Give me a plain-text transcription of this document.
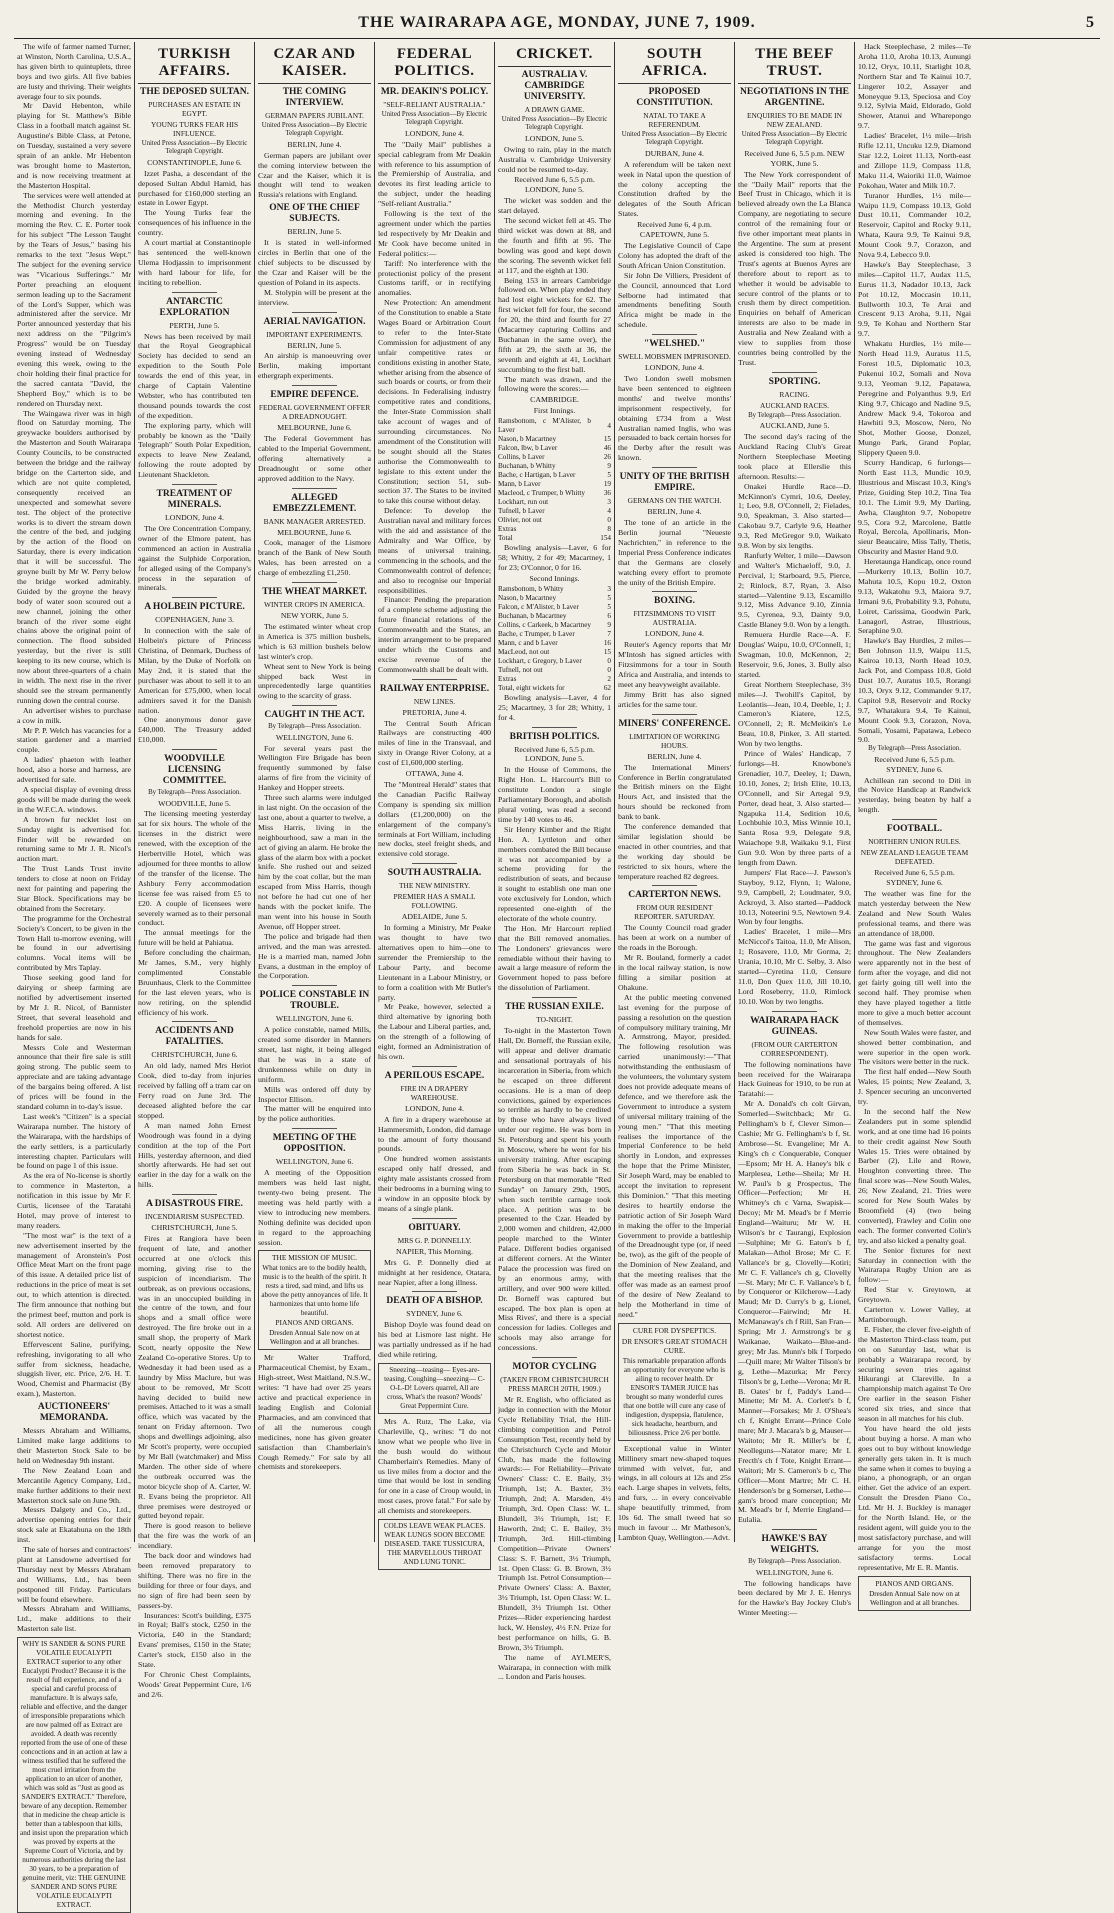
THE WAIRARAPA AGE, MONDAY, JUNE 7, 1909.	5

The wife of farmer named Turner, at Winston, North Carolina, U.S.A., has given birth to quintuplets, three boys and two girls. All five babies are lusty and thriving. Their weights average four to six pounds.

Mr David Hebenton, while playing for St. Matthew's Bible Class in a football match against St. Augustine's Bible Class, at Petone, on Tuesday, sustained a very severe sprain of an ankle. Mr Hebenton was brought home to Masterton, and is now receiving treatment at the Masterton Hospital.

The services were well attended at the Methodist Church yesterday morning and evening. In the morning the Rev. C. E. Porter took for his subject "The Lesson Taught by the Tears of Jesus," basing his remarks to the text "Jesus Wept." The subject for the evening service was "Vicarious Sufferings." Mr Porter preaching an eloquent sermon leading up to the Sacrament of the Lord's Supper, which was administered after the service. Mr Porter announced yesterday that his next address on the "Pilgrim's Progress" would be on Tuesday evening instead of Wednesday evening this week, owing to the choir holding their final practice for the sacred cantata "David, the Shepherd Boy," which is to be rendered on Thursday next.

The Waingawa river was in high flood on Saturday morning. The greywacke boulders authorised by the Masterton and South Wairarapa County Councils, to be constructed between the bridge and the railway bridge on the Carterton side, and which are not quite completed, consequently received an unexpected and somewhat severe test. The object of the protective works is to divert the stream down the centre of the bed, and judging by the action of the flood on Saturday, there is every indication that it will be successful. The groyne built by Mr W. Perry below the bridge worked admirably. Guided by the groyne the heavy body of water soon scoured out a new channel, joining the other branch of the river some eight chains above the original point of connection. The flood subsided yesterday, but the river is still keeping to its new course, which is now about three-quarters of a chain in width. The next rise in the river should see the stream permanently running down the central course.

An advertiser wishes to purchase a cow in milk.

Mr P. P. Welch has vacancies for a station gardener and a married couple.

A ladies' phaeton with leather hood, also a horse and harness, are advertised for sale.

A special display of evening dress goods will be made during the week in the W.F.C.A. windows.

A brown fur necklet lost on Sunday night is advertised for. Finder will be rewarded on returning same to Mr J. R. Nicol's auction mart.

The Trust Lands Trust invite tenders to close at noon on Friday next for painting and papering the Star Block. Specifications may be obtained from the Secretary.

The programme for the Orchestral Society's Concert, to be given in the Town Hall to-morrow evening, will be found in our advertising columns. Vocal items will be contributed by Mrs Taplay.

Those seeking good land for dairying or sheep farming are notified by advertisement inserted by Mr J. R. Nicol, of Bannister Street, that several leasehold and freehold properties are now in his hands for sale.

Messrs Cole and Westerman announce that their fire sale is still going strong. The public seem to appreciate and are taking advantage of the bargains being offered. A list of prices will be found in the standard column in to-day's issue.

Last week's "Citizen" is a special Wairarapa number. The history of the Wairarapa, with the hardships of the early settlers, is a particularly interesting chapter. Particulars will be found on page 1 of this issue.

As the era of No-license is shortly to commence in Masterton, a notification in this issue by Mr F. Curtis, licensee of the Taratahi Hotel, may prove of interest to many readers.

"The most war" is the text of a new advertisement inserted by the management of Aronstein's Post Office Meat Mart on the front page of this issue. A detailed price list of reductions in the price of meat is set out, to which attention is directed. The firm announce that nothing but the primest beef, mutton and pork is sold. All orders are delivered on shortest notice.

Effervescent Saline, purifying, refreshing, invigorating to all who suffer from sickness, headache, sluggish liver, etc. Price, 2/6. H. T. Wood, Chemist and Pharmacist (By exam.), Masterton.

AUCTIONEERS' MEMORANDA.

Messrs Abraham and Williams, Limited make large additions to their Masterton Stock Sale to be held on Wednesday 9th instant.

The New Zealand Loan and Mercantile Agency Company, Ltd., make further additions to their next Masterton stock sale on June 9th.

Messrs Dalgety and Co., Ltd., advertise opening entries for their stock sale at Ekatahuna on the 18th inst.

The sale of horses and contractors' plant at Lansdowne advertised for Thursday next by Messrs Abraham and Williams, Ltd., has been postponed till Friday. Particulars will be found elsewhere.

Messrs Abraham and Williams, Ltd., make additions to their Masterton sale list.

WHY IS SANDER & SONS PURE VOLATILE EUCALYPTI EXTRACT superior to any other Eucalypti Product? Because it is the result of full experience, and of a special and careful process of manufacture. It is always safe, reliable and effective, and the danger of irresponsible preparations which are now palmed off as Extract are avoided. A death was recently reported from the use of one of these concoctions and in an action at law a witness testified that he suffered the most cruel irritation from the application to an ulcer of another, which was sold as "Just as good as SANDER'S EXTRACT." Therefore, beware of any deception. Remember that in medicine the cheap article is better than a tablespoon that kills, and insist upon the preparation which was proved by experts at the Supreme Court of Victoria, and by numerous authorities during the last 30 years, to be a preparation of genuine merit, viz: THE GENUINE SANDER AND SONS PURE VOLATILE EUCALYPTI EXTRACT.
TURKISH AFFAIRS.
THE DEPOSED SULTAN.
PURCHASES AN ESTATE IN EGYPT.
YOUNG TURKS FEAR HIS INFLUENCE.
United Press Association—By Electric Telegraph Copyright.
CONSTANTINOPLE, June 6.

Izzet Pasha, a descendant of the deposed Sultan Abdul Hamid, has purchased for £160,000 sterling an estate in Lower Egypt.

The Young Turks fear the consequences of his influence in the country.

A court martial at Constantinople has sentenced the well-known Ulema Hodjassin to imprisonment with hard labour for life, for inciting to rebellion.

ANTARCTIC EXPLORATION
PERTH, June 5.

News has been received by mail that the Royal Geographical Society has decided to send an expedition to the South Pole towards the end of this year, in charge of Captain Valentine Webster, who has contributed ten thousand pounds towards the cost of the expedition.

The exploring party, which will probably be known as the "Daily Telegraph" South Polar Expedition, expects to leave New Zealand, following the route adopted by Lieutenant Shackleton.

TREATMENT OF MINERALS.
LONDON, June 4.

The Ore Concentration Company, owner of the Elmore patent, has commenced an action in Australia against the Sulphide Corporation, for alleged using of the Company's process in the separation of minerals.

A HOLBEIN PICTURE.
COPENHAGEN, June 3.

In connection with the sale of Holbein's picture of Princess Christina, of Denmark, Duchess of Milan, by the Duke of Norfolk on May 2nd, it is stated that the purchaser was about to sell it to an American for £75,000, when local admirers saved it for the Danish nation.

One anonymous donor gave £40,000. The Treasury added £10,000.

WOODVILLE LICENSING COMMITTEE.
By Telegraph—Press Association.
WOODVILLE, June 5.

The licensing meeting yesterday sat for six hours. The whole of the licenses in the district were renewed, with the exception of the Herbertville Hotel, which was adjourned for three months to allow of the transfer of the license. The Ashbury Ferry accommodation license fee was raised from £5 to £20. A couple of licensees were severely warned as to their personal conduct.

The annual meetings for the future will be held at Pahiatua.

Before concluding the chairman, Mr James, S.M., very highly complimented Constable Bruunhaus, Clerk to the Committee for the last eleven years, who is now retiring, on the splendid efficiency of his work.

ACCIDENTS AND FATALITIES.
CHRISTCHURCH, June 6.

An old lady, named Mrs Heriot Cook, died to-day from injuries received by falling off a tram car on Ferry road on June 3rd. The deceased alighted before the car stopped.

A man named John Ernest Woodrough was found in a dying condition at the top of the Port Hills, yesterday afternoon, and died shortly afterwards. He had set out earlier in the day for a walk on the hills.

A DISASTROUS FIRE.
INCENDIARISM SUSPECTED.
CHRISTCHURCH, June 5.

Fires at Rangiora have been frequent of late, and another occurred at one o'clock this morning, giving rise to the suspicion of incendiarism. The outbreak, as on previous occasions, was in an unoccupied building in the centre of the town, and four shops and a small office were destroyed. The fire broke out in a small shop, the property of Mark Scott, nearly opposite the New Zealand Co-operative Stores. Up to Wednesday it had been used as a laundry by Miss Maclure, but was about to be removed, Mr Scott having decided to build new premises. Attached to it was a small office, which was vacated by the tenant on Friday afternoon. Two shops and dwellings adjoining, also Mr Scott's property, were occupied by Mr Ball (watchmaker) and Miss Marden. The other side of where the outbreak occurred was the motor bicycle shop of A. Carter, W. R. Evans being the proprietor. All three premises were destroyed or gutted beyond repair.

There is good reason to believe that the fire was the work of an incendiary.

The back door and windows had been removed preparatory to shifting. There was no fire in the building for three or four days, and no sign of fire had been seen by passers-by.

Insurances: Scott's building, £375 in Royal; Ball's stock, £250 in the Victoria, £40 in the Standard; Evans' premises, £150 in the State; Carter's stock, £150 also in the State.

For Chronic Chest Complaints, Woods' Great Peppermint Cure, 1/6 and 2/6.

CZAR AND KAISER.
THE COMING INTERVIEW.
GERMAN PAPERS JUBILANT.
United Press Association—By Electric Telegraph Copyright.
BERLIN, June 4.

German papers are jubilant over the coming interview between the Czar and the Kaiser, which it is thought will tend to weaken Russia's relations with England.

ONE OF THE CHIEF SUBJECTS.
BERLIN, June 5.

It is stated in well-informed circles in Berlin that one of the chief subjects to be discussed by the Czar and Kaiser will be the question of Poland in its aspects.

M. Stolypin will be present at the interview.

AERIAL NAVIGATION.
IMPORTANT EXPERIMENTS.
BERLIN, June 5.

An airship is manoeuvring over Berlin, making important ethergraph experiments.

EMPIRE DEFENCE.
FEDERAL GOVERNMENT OFFER A DREADNOUGHT.
MELBOURNE, June 6.

The Federal Government has cabled to the Imperial Government, offering alternatively a Dreadnought or some other approved addition to the Navy.

ALLEGED EMBEZZLEMENT.
BANK MANAGER ARRESTED.
MELBOURNE, June 6.

Cook, manager of the Lismore branch of the Bank of New South Wales, has been arrested on a charge of embezzling £1,250.

THE WHEAT MARKET.
WINTER CROPS IN AMERICA.
NEW YORK, June 5.

The estimated winter wheat crop in America is 375 million bushels, which is 63 million bushels below last winter's crop.

Wheat sent to New York is being shipped back West in unprecedentedly large quantities owing to the scarcity of grass.

CAUGHT IN THE ACT.
By Telegraph—Press Association.
WELLINGTON, June 6.

For several years past the Wellington Fire Brigade has been frequently summoned by false alarms of fire from the vicinity of Hankey and Hopper streets.

Three such alarms were indulged in last night. On the occasion of the last one, about a quarter to twelve, a Miss Harris, living in the neighbourhood, saw a man in the act of giving an alarm. He broke the glass of the alarm box with a pocket knife. She rushed out and seized him by the coat collar, but the man escaped from Miss Harris, though not before he had cut one of her hands with the pocket knife. The man went into his house in South Avenue, off Hopper street.

The police and brigade had then arrived, and the man was arrested. He is a married man, named John Evans, a dustman in the employ of the Corporation.

POLICE CONSTABLE IN TROUBLE.
WELLINGTON, June 6.

A police constable, named Mills, created some disorder in Manners street, last night, it being alleged that he was in a state of drunkenness while on duty in uniform.

Mills was ordered off duty by Inspector Ellison.

The matter will be enquired into by the police authorities.

MEETING OF THE OPPOSITION.
WELLINGTON, June 6.

A meeting of the Opposition members was held last night, twenty-two being present. The meeting was held partly with a view to introducing new members. Nothing definite was decided upon in regard to the approaching session.

THE MISSION OF MUSIC.
What tonics are to the bodily health, music is to the health of the spirit. It rests a tired, sad mind, and lifts us above the petty annoyances of life. It harmonizes that unto home life beautiful.
PIANOS AND ORGANS.
Dresden Annual Sale now on at Wellington and at all branches.

Mr Walter Trafford, Pharmaceutical Chemist, by Exam., High-street, West Maitland, N.S.W., writes: "I have had over 25 years active and practical experience in leading English and Colonial Pharmacies, and am convinced that of all the numerous cough medicines, none has given greater satisfaction than Chamberlain's Cough Remedy." For sale by all chemists and storekeepers.

FEDERAL POLITICS.
MR. DEAKIN'S POLICY.
"SELF-RELIANT AUSTRALIA."
United Press Association—By Electric Telegraph Copyright.
LONDON, June 4.

The "Daily Mail" publishes a special cablegram from Mr Deakin with reference to his assumption of the Premiership of Australia, and devotes its first leading article to the subject, under the heading "Self-reliant Australia."

Following is the text of the agreement under which the parties led respectively by Mr Deakin and Mr Cook have become united in Federal politics:—

Tariff: No interference with the protectionist policy of the present Customs tariff, or in rectifying anomalies.

New Protection: An amendment of the Constitution to enable a State Wages Board or Arbitration Court to refer to the Inter-State Commission for adjustment of any unfair competitive rates or conditions existing in another State, whether arising from the absence of such boards or courts, or from their decisions. In Federalising industry competitive rates and conditions, the Inter-State Commission shall take account of wages and of surrounding circumstances. No amendment of the Constitution will be sought should all the States authorise the Commonwealth to legislate to this extent under the Constitution; section 51, sub-section 37. The States to be invited to take this course without delay.

Defence: To develop the Australian naval and military forces with the aid and assistance of the Admiralty and War Office, by means of universal training, commencing in the schools, and the Commonwealth control of defence; and also to recognise our Imperial responsibilities.

Finance: Pending the preparation of a complete scheme adjusting the future financial relations of the Commonwealth and the States, an interim arrangement to be prepared under which the Customs and excise revenue of the Commonwealth shall be dealt with.

RAILWAY ENTERPRISE.
NEW LINES.
PRETORIA, June 4.

The Central South African Railways are constructing 400 miles of line in the Transvaal, and sixty in Orange River Colony, at a cost of £1,600,000 sterling.

OTTAWA, June 4.

The "Montreal Herald" states that the Canadian Pacific Railway Company is spending six million dollars (£1,200,000) on the enlargement of the company's terminals at Fort William, including new docks, steel freight sheds, and extensive cold storage.

SOUTH AUSTRALIA.
THE NEW MINISTRY.
PREMIER HAS A SMALL FOLLOWING.
ADELAIDE, June 5.

In forming a Ministry, Mr Peake was thought to have two alternatives open to him—one to surrender the Premiership to the Labour Party, and become Lieutenant in a Labour Ministry, or to form a coalition with Mr Butler's party.

Mr Peake, however, selected a third alternative by ignoring both the Labour and Liberal parties, and, on the strength of a following of eight, formed an Administration of his own.

A PERILOUS ESCAPE.
FIRE IN A DRAPERY WAREHOUSE.
LONDON, June 4.

A fire in a drapery warehouse at Hammersmith, London, did damage to the amount of forty thousand pounds.

One hundred women assistants escaped only half dressed, and eighty male assistants crossed from their bedrooms in a burning wing to a window in an opposite block by means of a single plank.

OBITUARY.
MRS G. P. DONNELLY.
NAPIER, This Morning.

Mrs G. P. Donnelly died at midnight at her residence, Otatara, near Napier, after a long illness.

DEATH OF A BISHOP.
SYDNEY, June 6.

Bishop Doyle was found dead on his bed at Lismore last night. He was partially undressed as if he had died while retiring.

Sneezing—teasing— Eyes-are-teasing, Coughing—sneezing— C-O-L-D! Lovers quarrel, All are cross, What's the reason? Woods' Great Peppermint Cure.

Mrs A. Rutz, The Lake, via Charleville, Q., writes: "I do not know what we people who live in the bush would do without Chamberlain's Remedies. Many of us live miles from a doctor and the time that would be lost in sending for one in a case of Croup would, in most cases, prove fatal." For sale by all chemists and storekeepers.

COLDS LEAVE WEAK PLACES. WEAK LUNGS SOON BECOME DISEASED. TAKE TUSSICURA, THE MARVELLOUS THROAT AND LUNG TONIC.
CRICKET.
AUSTRALIA V. CAMBRIDGE UNIVERSITY.
A DRAWN GAME.
United Press Association—By Electric Telegraph Copyright.
LONDON, June 5.

Owing to rain, play in the match Australia v. Cambridge University could not be resumed to-day.

Received June 6, 5.5 p.m. LONDON, June 5.

The wicket was sodden and the start delayed.

The second wicket fell at 45. The third wicket was down at 88, and the fourth and fifth at 95. The bowling was good and kept down the scoring. The seventh wicket fell at 117, and the eighth at 130.

Being 153 in arrears Cambridge followed on. When play ended they had lost eight wickets for 62. The first wicket fell for four, the second for 20, the third and fourth for 27 (Macartney capturing Collins and Buchanan in the same over), the fifth at 29, the sixth at 36, the seventh and eighth at 41, Lockhart succumbing to the first ball.

The match was drawn, and the following were the scores:—

CAMBRIDGE.
First Innings.
Ramsbottom, c M'Alister, b Laver	4
Nason, b Macartney	15
Falcon, lbw, b Laver	46
Collins, b Laver	26
Buchanan, b Whitty	9
Bache, c Hartigan, b Laver	5
Mann, b Laver	19
Macleod, c Trumper, b Whitty	36
Lockhart, run out	3
Tufnell, b Laver	4
Olivier, not out	0
Extras	8
Total	154

Bowling analysis—Laver, 6 for 58; Whitty, 2 for 49; Macartney, 1 for 23; O'Connor, 0 for 16.

Second Innings.
Ramsbottom, b Whitty	3
Nason, b Macartney	5
Falcon, c M'Alister, b Laver	5
Buchanan, b Macartney	6
Collins, c Carkeek, b Macartney	9
Bache, c Trumper, b Laver	7
Mann, c and b Laver	16
MacLeod, not out	15
Lockhart, c Gregory, b Laver	0
Tufnell, not out	0
Extras	2
Total, eight wickets for	62

Bowling analysis—Laver, 4 for 25; Macartney, 3 for 28; Whitty, 1 for 4.

BRITISH POLITICS.
Received June 6, 5.5 p.m. LONDON, June 5.

In the House of Commons, the Right Hon. L. Harcourt's Bill to constitute London a single Parliamentary Borough, and abolish plural voting, was read a second time by 140 votes to 46.

Sir Henry Kimber and the Right Hon. A. Lyttleton and other members combated the Bill because it was not accompanied by a scheme providing for the redistribution of seats, and because it sought to establish one man one vote exclusively for London, which represented one-eighth of the electorate of the whole country.

The Hon. Mr Harcourt replied that the Bill removed anomalies. The Londoners' grievances were remediable without their having to await a large measure of reform the Government hoped to pass before the dissolution of Parliament.

THE RUSSIAN EXILE.
TO-NIGHT.

To-night in the Masterton Town Hall, Dr. Borneff, the Russian exile, will appear and deliver dramatic and sensational portrayals of his incarceration in Siberia, from which he escaped on three different occasions. He is a man of deep convictions, gained by experiences so terrible as hardly to be credited by those who have always lived under our regime. He was born in St. Petersburg and spent his youth in Moscow, where he went for his university training. After escaping from Siberia he was back in St. Petersburg on that memorable "Red Sunday" on January 29th, 1905, when such terrible carnage took place. A petition was to be presented to the Czar. Headed by 2,000 women and children, 42,000 people marched to the Winter Palace. Different bodies organised at different corners. At the Winter Palace the procession was fired on by an enormous army, with artillery, and over 900 were killed. Dr. Borneff was captured but escaped. The box plan is open at Miss Rives', and there is a special concession for ladies. Colleges and schools may also arrange for concessions.

MOTOR CYCLING
(TAKEN FROM CHRISTCHURCH PRESS MARCH 20TH, 1909.)

Mr R. English, who officiated as judge in connection with the Motor Cycle Reliability Trial, the Hill-climbing competition and Petrol Consumption Test, recently held by the Christchurch Cycle and Motor Club, has made the following awards:— For Reliability—Private Owners' Class: C. E. Baily, 3½ Triumph, 1st; A. Baxter, 3½ Triumph, 2nd; A. Marsden, 4½ Triumph, 3rd. Open Class: W. L. Blundell, 3½ Triumph, 1st; F. Haworth, 2nd; C. E. Bailey, 3½ Triumph, 3rd. Hill-climbing Competition—Private Owners' Class: S. F. Barnett, 3½ Triumph, 1st. Open Class: G. B. Brown, 3½ Triumph 1st. Petrol Consumption—Private Owners' Class: A. Baxter, 3½ Triumph, 1st. Open Class: W. L. Blundell, 3½ Triumph 1st. Other Prizes—Rider experiencing hardest luck, W. Hensley, 4½ F.N. Prize for best performance on hills, G. B. Brown, 3½ Triumph.

The name of AYLMER'S, Wairarapa, in connection with milk ... London and Paris houses.

SOUTH AFRICA.
PROPOSED CONSTITUTION.
NATAL TO TAKE A REFERENDUM.
United Press Association—By Electric Telegraph Copyright.
DURBAN, June 4.

A referendum will be taken next week in Natal upon the question of the colony accepting the Constitution drafted by the delegates of the South African States.

Received June 6, 4 p.m. CAPETOWN, June 5.

The Legislative Council of Cape Colony has adopted the draft of the South African Union Constitution.

Sir John De Villiers, President of the Council, announced that Lord Selborne had intimated that amendments benefiting South Africa might be made in the schedule.

"WELSHED."
SWELL MOBSMEN IMPRISONED.
LONDON, June 4.

Two London swell mobsmen have been sentenced to eighteen months' and twelve months' imprisonment respectively, for obtaining £734 from a West Australian named Inglis, who was persuaded to back certain horses for the Derby after the result was known.

UNITY OF THE BRITISH EMPIRE.
GERMANS ON THE WATCH.
BERLIN, June 4.

The tone of an article in the Berlin journal "Neueste Nachrichten," in reference to the Imperial Press Conference indicates that the Germans are closely watching every effort to promote the unity of the British Empire.

BOXING.
FITZSIMMONS TO VISIT AUSTRALIA.
LONDON, June 4.

Reuter's Agency reports that Mr M'Intosh has signed articles with Fitzsimmons for a tour in South Africa and Australia, and intends to meet any heavyweight available.

Jimmy Britt has also signed articles for the same tour.

MINERS' CONFERENCE.
LIMITATION OF WORKING HOURS.
BERLIN, June 4.

The International Miners' Conference in Berlin congratulated the British miners on the Eight Hours Act, and insisted that the hours should be reckoned from bank to bank.

The conference demanded that similar legislation should be enacted in other countries, and that the working day should be restricted to six hours, where the temperature reached 82 degrees.

CARTERTON NEWS.
FROM OUR RESIDENT REPORTER. SATURDAY.

The County Council road grader has been at work on a number of the roads in the Borough.

Mr R. Bouland, formerly a cadet in the local railway station, is now filling a similar position at Ohakune.

At the public meeting convened last evening for the purpose of passing a resolution on the question of compulsory military training, Mr A. Armstrong, Mayor, presided. The following resolution was carried unanimously:—"That notwithstanding the enthusiasm of the volunteers, the voluntary system does not provide adequate means of defence, and we therefore ask the Government to introduce a system of universal military training of the young men." "That this meeting realises the importance of the Imperial Conference to be held shortly in London, and expresses the hope that the Prime Minister, Sir Joseph Ward, may be enabled to accept the invitation to represent this Dominion." "That this meeting desires to heartily endorse the patriotic action of Sir Joseph Ward in making the offer to the Imperial Government to provide a battleship of the Dreadnought type (or, if need be, two), as the gift of the people of the Dominion of New Zealand, and that the meeting realises that the offer was made as an earnest proof of the desire of New Zealand to help the Motherland in time of need."

CURE FOR DYSPEPTICS.
DR ENSOR'S GREAT STOMACH CURE.
This remarkable preparation affords an opportunity for everyone who is ailing to recover health. Dr ENSOR'S TAMER JUICE has brought so many wonderful cures that one bottle will cure any case of indigestion, dyspepsia, flatulence, sick headache, heartburn, and biliousness. Price 2/6 per bottle.

Exceptional value in Winter Millinery smart new-shaped toques trimmed with velvet, fur, and wings, in all colours at 12s and 25s each. Large shapes in velvets, felts, and furs, ... in every conceivable shape beautifully trimmed, from 10s 6d. The small tweed hat so much in favour ... Mr Matheson's, Lambton Quay, Wellington.—Advt.

THE BEEF TRUST.
NEGOTIATIONS IN THE ARGENTINE.
ENQUIRIES TO BE MADE IN NEW ZEALAND.
United Press Association—By Electric Telegraph Copyright.
Received June 6, 5.5 p.m. NEW YORK, June 5.

The New York correspondent of the "Daily Mail" reports that the Beef Trust in Chicago, which it is believed already own the La Blanca Company, are negotiating to secure control of the remaining four or five other important meat plants in the Argentine. The sum at present asked is considered too high. The Trust's agents at Buenos Ayres are therefore about to report as to whether it would be advisable to secure control of the plants or to crush them by direct competition. Enquiries on behalf of American interests are also to be made in Australia and New Zealand with a view to supplies from those countries being controlled by the Trust.

SPORTING.
RACING.
AUCKLAND RACES.
By Telegraph—Press Association.
AUCKLAND, June 5.

The second day's racing of the Auckland Racing Club's Great Northern Steeplechase Meeting took place at Ellerslie this afternoon. Results:—

Onakei Hurdle Race—D. McKinnon's Cymri, 10.6, Deeley, 1; Leo, 9.8, O'Connell, 2; Fielades, 9.0, Speakman, 3. Also started—Cakobau 9.7, Carlyle 9.6, Heather 9.3, Red McGregor 9.0, Waikato 9.8. Won by six lengths.

Ranfurly Welter, 1 mile—Dawson and Walter's Michaeloff, 9.0, J. Percival, 1; Starboard, 9.5, Pierce, 2; Rinlock, 8.7, Ryan, 3. Also started—Valentine 9.13, Escamillo 9.12, Miss Advance 9.10, Zinnia 9.5, Cyrenea, 9.3, Dainty 9.0, Castle Blaney 9.0. Won by a length.

Remuera Hurdle Race—A. F. Douglas' Waipu, 10.0, O'Connell, 1; Swagman, 10.0, McKennon, 2; Reservoir, 9.6, Jones, 3. Bully also started.

Great Northern Steeplechase, 3½ miles—J. Twohill's Capitol, by Leolantis—Jean, 10.4, Deeble, 1; J. Cameron's Kiatere, 12.5, O'Connell, 2; R. McMeikin's Le Beau, 10.8, Pinker, 3. All started. Won by two lengths.

Prince of Wales' Handicap, 7 furlongs—H. Knowbone's Grenadier, 10.7, Deeley, 1; Dawn, 10.10, Jones, 2; Irish Elite, 10.13, O'Connell, and Sir Artegal 9.9, Porter, dead heat, 3. Also started—Ngapuka 11.4, Sedition 10.6, Lochbuhie 10.3, Miss Winnie 10.1, Santa Rosa 9.9, Delegate 9.8, Waiachope 9.8, Waikaku 9.1, First Gun 9.0. Won by three parts of a length from Dawn.

Jumpers' Flat Race—J. Pawson's Stayboy, 9.12, Flynn, 1; Walone, 9.9, Campbell, 2; Loudmater, 9.0, Ackroyd, 3. Also started—Paddock 10.13, Noteerini 9.5, Newtown 9.4. Won by four lengths.

Ladies' Bracelet, 1 mile—Mrs McNiccol's Taitoa, 11.0, Mr Alison, 1; Rosavere, 11.0, Mr Gorma, 2; Urania, 10.10, Mr C. Selby, 3. Also started—Cyretina 11.0, Censure 11.0, Don Quex 11.0, Jill 10.10, Lord Roseberry, 11.0, Rimlock 10.10. Won by two lengths.

WAIRARAPA HACK GUINEAS.
(FROM OUR CARTERTON CORRESPONDENT).

The following nominations have been received for the Wairarapa Hack Guineas for 1910, to be run at Taratahi:—

Mr A. Donald's ch colt Girvan, Somerled—Switchback; Mr G. Pellingham's b f, Clever Simon—Cashie; Mr G. Fellingham's b f, St. Ambrose—St. Evangeline; Mr A. King's ch c Conquerable, Conquer—Epsom; Mr H. A. Haney's blk c Marplesea, Lethe—Sheila; Mr H. W. Paul's b g Prospectus, The Officer—Perfection; Mr H. Whitney's ch c Varna, Swapisk—Decoy; Mr M. Mead's br f Merrie England—Waituru; Mr W. H. Wilson's br c Taurangi, Explosion—Sulphine; Mr G. Eaton's b f, Malakan—Athol Brose; Mr C. F. Vallance's br g, Clovelly—Kotiri; Mr C. F. Vallance's ch g, Clovelly—St. Mary; Mr C. F. Vallance's b f, by Conqueror or Kilcherow—Lady Maud; Mr D. Curry's b g, Lionel, Conqueror—Fairwind; Mr H. McManaway's ch f Rill, San Fran—Spring; Mr J. Armstrong's br g Waikanae, Waikato—Blue-and-grey; Mr Jas. Munn's blk f Torpedo—Quill mare; Mr Walter Tilson's br g, Lethe—Mazurka; Mr Percy Tilson's br g, Lethe—Verona; Mr R. B. Oates' br f, Paddy's Land—Minette; Mr M. A. Corlett's b f, Manner—Forsakes; Mr J. O'Shea's ch f, Knight Errant—Prince Cole mare; Mr J. Macara's b g, Mauser—Waitoto; Mr R. Miller's br f, Neolleguns—Natator mare; Mr I. Frecth's ch f Tote, Knight Errant—Waitori; Mr S. Cameron's b c, The Officer—Mont Martre; Mr C. H. Henderson's br g Somerset, Lethe—gam's brood mare conception; Mr M. Mead's br f, Merrie England—Eulalia.

HAWKE'S BAY WEIGHTS.
By Telegraph—Press Association.
WELLINGTON, June 6.

The following handicaps have been declared by Mr J. E. Henrys for the Hawke's Bay Jockey Club's Winter Meeting:—

Hack Steeplechase, 2 miles—Te Aroha 11.0, Aroha 10.13, Aunungi 10.12, Oryx, 10.11, Starlight 10.8, Northern Star and Te Kainui 10.7, Lingerer 10.2, Assayer and Moneyque 9.13, Speciosa and Coy 9.12, Sylvia Maid, Eldorado, Gold Shower, Atanui and Wharepongo 9.7.

Ladies' Bracelet, 1½ mile—Irish Rifle 12.11, Uncuku 12.9, Diamond Star 12.2, Loiret 11.13, North-east and Zillope 11.9, Compass 11.8, Maku 11.4, Waioriki 11.0, Waimoe Pokohau, Water and Milk 10.7.

Turanor Hurdles, 1½ mile—Waipu 11.9, Compass 10.13, Gold Dust 10.11, Commander 10.2, Reservoir, Capitol and Rocky 9.11, Whata, Kaura 9.9, Te Kainui 9.8, Mount Cook 9.7, Corazon, and Nova 9.4, Lebecco 9.0.

Hawke's Bay Steeplechase, 3 miles—Capitol 11.7, Audax 11.5, Eurus 11.3, Nadador 10.13, Jack Pot 10.12, Moccasin 10.11, Bullworth 10.3, Te Arai and Crescent 9.13 Aroha, 9.11, Ngai 9.9, Te Kohau and Northern Star 9.7.

Whakatu Hurdles, 1½ mile—North Head 11.9, Auratus 11.5, Forest 10.5, Diplomatic 10.3, Pukenui 10.2, Somali and Nova 9.13, Yeoman 9.12, Papatawa, Peregrine and Polyanthus 9.9, Erl King 9.7, Chicago and Nadine 9.5, Andrew Mack 9.4, Tokoroa and Hawhiti 9.3, Moscow, Nero, No Shot, Mother Goose, Donzel, Mungo Park, Grand Poplar, Slippery Queen 9.0.

Scurry Handicap, 6 furlongs—North East 11.3, Mundic 10.9, Illustrious and Miscast 10.3, King's Prize, Guiding Step 10.2, Tina Tea 10.1. The Limit 9.9, My Darling, Awha, Claughton 9.7, Nobopetre 9.5, Cora 9.2, Marcolene, Battle Royal, Bercola, Apollinaris, Mon-sieur Beaucaire, Miss Tally, Thetis, Obscurity and Master Hand 9.0.

Heretaunga Handicap, once round—Murkerry 10.13, Bollin 10.7, Mahuta 10.5, Kopu 10.2, Oxton 9.13, Wakatohu 9.3, Maiora 9.7, Irmani 9.6, Probability 9.3, Pohutu, Loiret, Carissima, Goodwin Park, Lanagorl, Astrae, Illustrious, Seraphine 9.0.

Hawke's Bay Hurdles, 2 miles—Ben Johnson 11.9, Waipu 11.5, Kairoa 10.13, North Head 10.9, Jack Pot, and Compass 10.8, Gold Dust 10.7, Auratus 10.5, Rorangi 10.3, Oryx 9.12, Commander 9.17, Capitol 9.8, Reservoir and Rocky 9.7, Whatakura 9.4, Te Kainui, Mount Cook 9.3, Corazon, Nova, Somali, Yosami, Papatawa, Lebeco 9.0.

By Telegraph—Press Association.
Received June 6, 5.5 p.m. SYDNEY, June 6.

Achillean ran second to Diti in the Novice Handicap at Randwick yesterday, being beaten by half a length.

FOOTBALL.
NORTHERN UNION RULES.
NEW ZEALAND LEAGUE TEAM DEFEATED.
Received June 6, 5.5 p.m. SYDNEY, June 6.

The weather was fine for the match yesterday between the New Zealand and New South Wales professional teams, and there was an attendance of 18,000.

The game was fast and vigorous throughout. The New Zealanders were apparently not in the best of form after the voyage, and did not get fairly going till well into the second half. They promise when they have played together a little more to give a much better account of themselves.

New South Wales were faster, and showed better combination, and were superior in the open work. The visitors were better in the ruck.

The first half ended—New South Wales, 15 points; New Zealand, 3, J. Spencer securing an unconverted try.

In the second half the New Zealanders put in some splendid work, and at one time had 16 points to their credit against New South Wales 15. Tries were obtained by Barber (2), Lile and Rowe, Houghton converting three. The final score was—New South Wales, 26; New Zealand, 21. Tries were scored for New South Wales by Broomfield (4) (two being converted), Frawley and Colin one each. The former converted Colin's try, and also kicked a penalty goal.

The Senior fixtures for next Saturday in connection with the Wairarapa Rugby Union are as follow:—

Red Star v. Greytown, at Greytown.

Carterton v. Lower Valley, at Martinborough.

E. Fisher, the clever five-eighth of the Masterton Third-class team, put on on Saturday last, what is probably a Wairarapa record, by securing seven tries against Hikurangi at Clareville. In a championship match against Te Ore Ore earlier in the season Fisher scored six tries, and since that season in all matches for his club.

You have heard the old jests about buying a horse. A man who goes out to buy without knowledge generally gets taken in. It is much the same when it comes to buying a piano, a phonograph, or an organ either. Get the advice of an expert. Consult the Dresden Piano Co., Ltd. Mr H. J. Buckley is manager for the North Island. He, or the resident agent, will guide you to the most satisfactory purchase, and will arrange for you the most satisfactory terms. Local representative, Mr E. R. Mantis.

PIANOS AND ORGANS.
Dresden Annual Sale now on at Wellington and at all branches.
